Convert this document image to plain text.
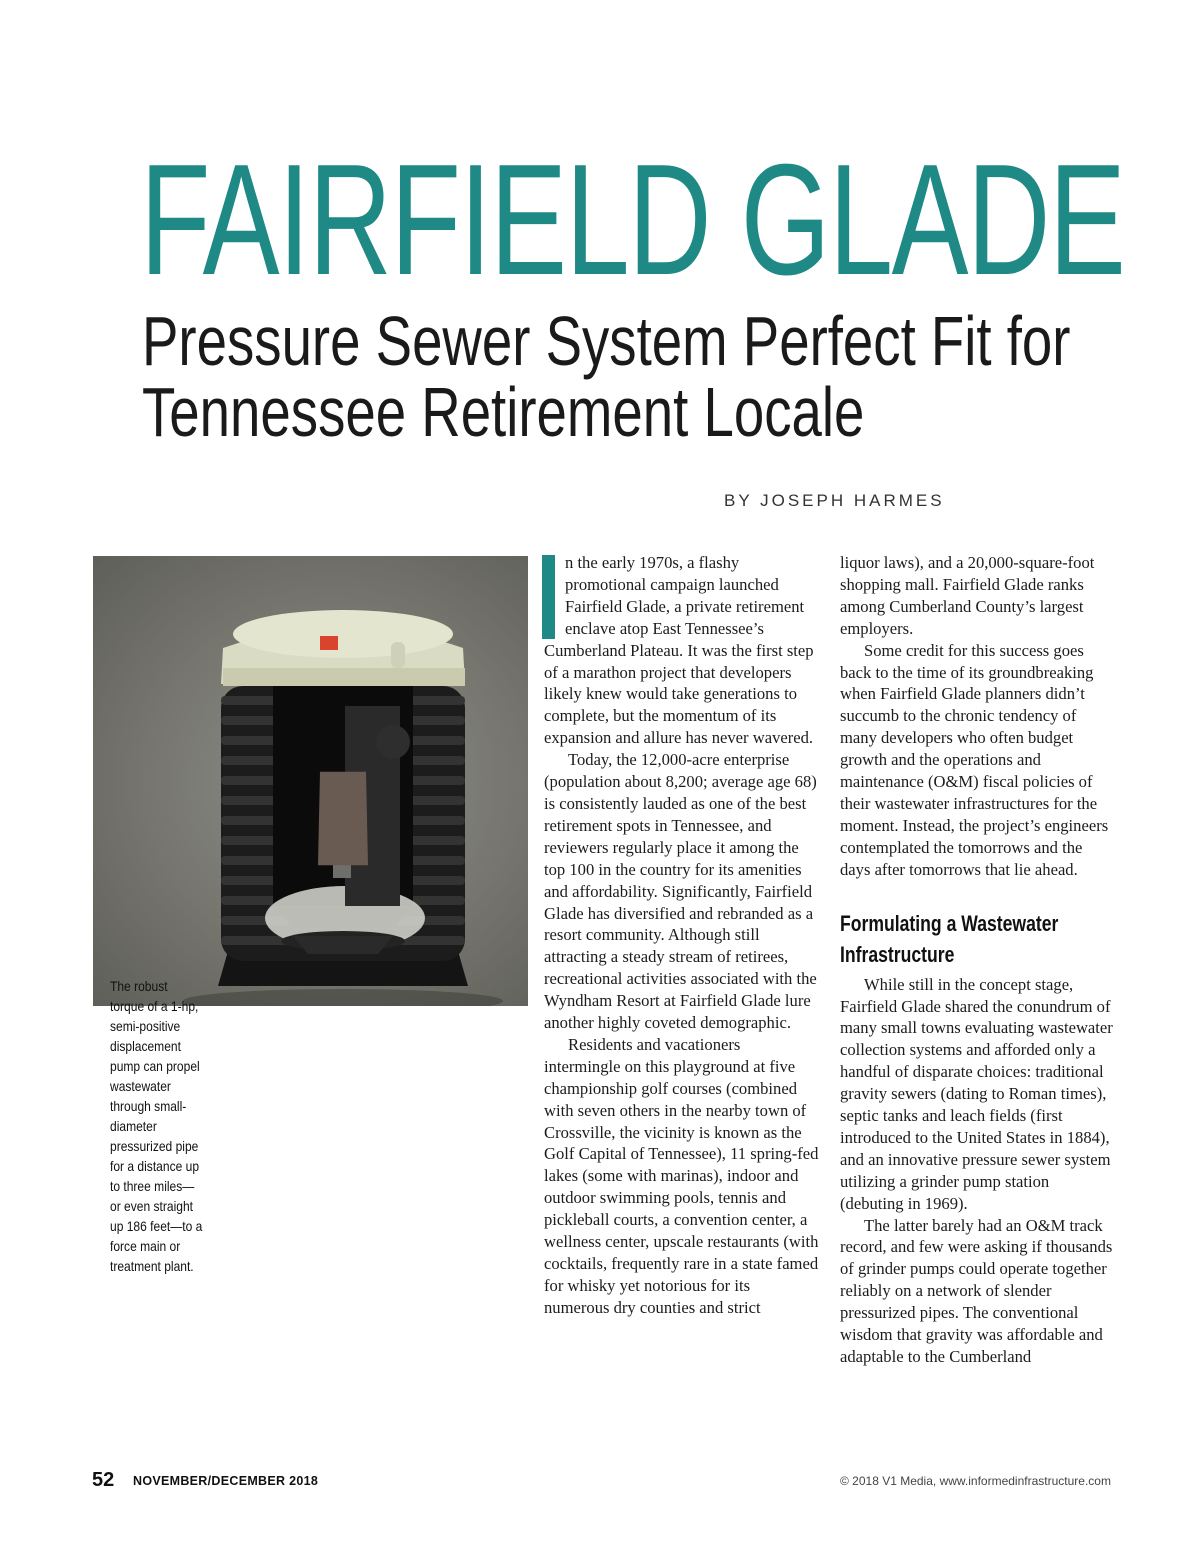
FAIRFIELD GLADE
Pressure Sewer System Perfect Fit for
Tennessee Retirement Locale

BY JOSEPH HARMES

The robust torque of a 1-hp, semi-positive displacement pump can propel wastewater through small-diameter pressurized pipe for a distance up to three miles—or even straight up 186 feet—to a force main or treatment plant.

n the early 1970s, a flashy promotional campaign launched Fairfield Glade, a private retirement enclave atop East Tennessee’s Cumberland Plateau. It was the first step of a marathon project that developers likely knew would take generations to complete, but the momentum of its expansion and allure has never wavered.

Today, the 12,000-acre enterprise (population about 8,200; average age 68) is consistently lauded as one of the best retirement spots in Tennessee, and reviewers regularly place it among the top 100 in the country for its amenities and affordability. Significantly, Fairfield Glade has diversified and rebranded as a resort community. Although still attracting a steady stream of retirees, recreational activities associated with the Wyndham Resort at Fairfield Glade lure another highly coveted demographic.

Residents and vacationers intermingle on this playground at five championship golf courses (combined with seven others in the nearby town of Crossville, the vicinity is known as the Golf Capital of Tennessee), 11 spring-fed lakes (some with marinas), indoor and outdoor swimming pools, tennis and pickleball courts, a convention center, a wellness center, upscale restaurants (with cocktails, frequently rare in a state famed for whisky yet notorious for its numerous dry counties and strict

liquor laws), and a 20,000-square-foot shopping mall. Fairfield Glade ranks among Cumberland County’s largest employers.

Some credit for this success goes back to the time of its groundbreaking when Fairfield Glade planners didn’t succumb to the chronic tendency of many developers who often budget growth and the operations and maintenance (O&M) fiscal policies of their wastewater infrastructures for the moment. Instead, the project’s engineers contemplated the tomorrows and the days after tomorrows that lie ahead.

Formulating a Wastewater Infrastructure

While still in the concept stage, Fairfield Glade shared the conundrum of many small towns evaluating wastewater collection systems and afforded only a handful of disparate choices: traditional gravity sewers (dating to Roman times), septic tanks and leach fields (first introduced to the United States in 1884), and an innovative pressure sewer system utilizing a grinder pump station (debuting in 1969).

The latter barely had an O&M track record, and few were asking if thousands of grinder pumps could operate together reliably on a network of slender pressurized pipes. The conventional wisdom that gravity was affordable and adaptable to the Cumberland

52 NOVEMBER/DECEMBER 2018	© 2018 V1 Media, www.informedinfrastructure.com
